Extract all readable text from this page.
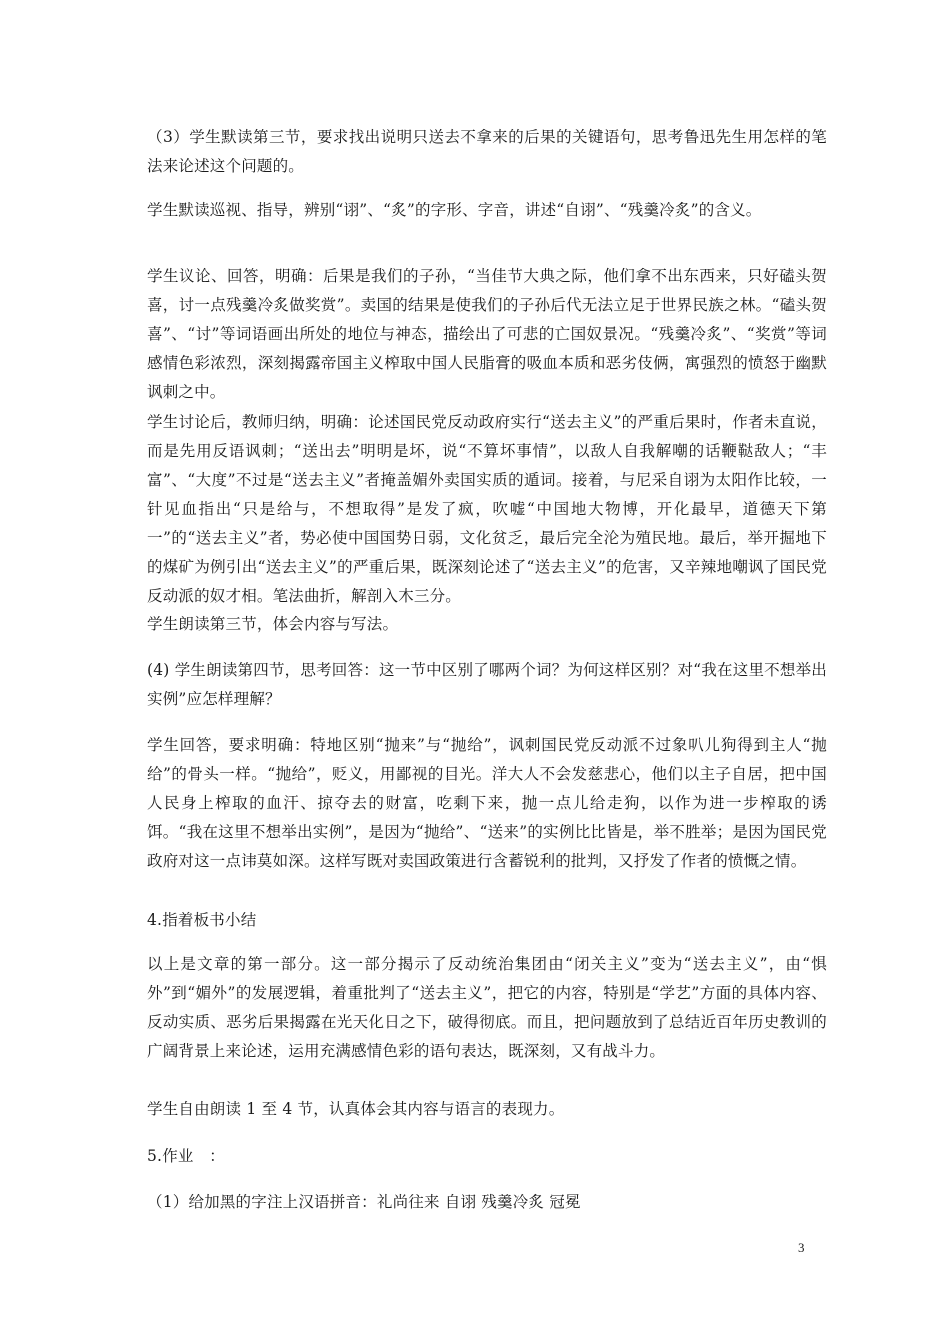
（3）学生默读第三节，要求找出说明只送去不拿来的后果的关键语句，思考鲁迅先生用怎样的笔法来论述这个问题的。

学生默读巡视、指导，辨别“诩”、“炙”的字形、字音，讲述“自诩”、“残羹冷炙”的含义。

学生议论、回答，明确：后果是我们的子孙，“当佳节大典之际，他们拿不出东西来，只好磕头贺喜，讨一点残羹冷炙做奖赏”。卖国的结果是使我们的子孙后代无法立足于世界民族之林。“磕头贺喜”、“讨”等词语画出所处的地位与神态，描绘出了可悲的亡国奴景况。“残羹冷炙”、“奖赏”等词感情色彩浓烈，深刻揭露帝国主义榨取中国人民脂膏的吸血本质和恶劣伎俩，寓强烈的愤怒于幽默讽刺之中。

学生讨论后，教师归纳，明确：论述国民党反动政府实行“送去主义”的严重后果时，作者未直说，而是先用反语讽刺；“送出去”明明是坏，说“不算坏事情”，以敌人自我解嘲的话鞭鞑敌人；“丰富”、“大度”不过是“送去主义”者掩盖媚外卖国实质的遁词。接着，与尼采自诩为太阳作比较，一针见血指出“只是给与，不想取得”是发了疯，吹嘘“中国地大物博，开化最早，道德天下第一”的“送去主义”者，势必使中国国势日弱，文化贫乏，最后完全沦为殖民地。最后，举开掘地下的煤矿为例引出“送去主义”的严重后果，既深刻论述了“送去主义”的危害，又辛辣地嘲讽了国民党反动派的奴才相。笔法曲折，解剖入木三分。

学生朗读第三节，体会内容与写法。

(4) 学生朗读第四节，思考回答：这一节中区别了哪两个词？为何这样区别？对“我在这里不想举出实例”应怎样理解？

学生回答，要求明确：特地区别“抛来”与“抛给”，讽刺国民党反动派不过象叭儿狗得到主人“抛给”的骨头一样。“抛给”，贬义，用鄙视的目光。洋大人不会发慈悲心，他们以主子自居，把中国人民身上榨取的血汗、掠夺去的财富，吃剩下来，抛一点儿给走狗，以作为进一步榨取的诱饵。“我在这里不想举出实例”，是因为“抛给”、“送来”的实例比比皆是，举不胜举；是因为国民党政府对这一点讳莫如深。这样写既对卖国政策进行含蓄锐利的批判，又抒发了作者的愤慨之情。

4.指着板书小结

以上是文章的第一部分。这一部分揭示了反动统治集团由“闭关主义”变为“送去主义”，由“惧外”到“媚外”的发展逻辑，着重批判了“送去主义”，把它的内容，特别是“学艺”方面的具体内容、反动实质、恶劣后果揭露在光天化日之下，破得彻底。而且，把问题放到了总结近百年历史教训的广阔背景上来论述，运用充满感情色彩的语句表达，既深刻，又有战斗力。

学生自由朗读 1 至 4 节，认真体会其内容与语言的表现力。

5.作业　：

（1）给加黑的字注上汉语拼音：礼尚往来 自诩 残羹冷炙 冠冕

3
